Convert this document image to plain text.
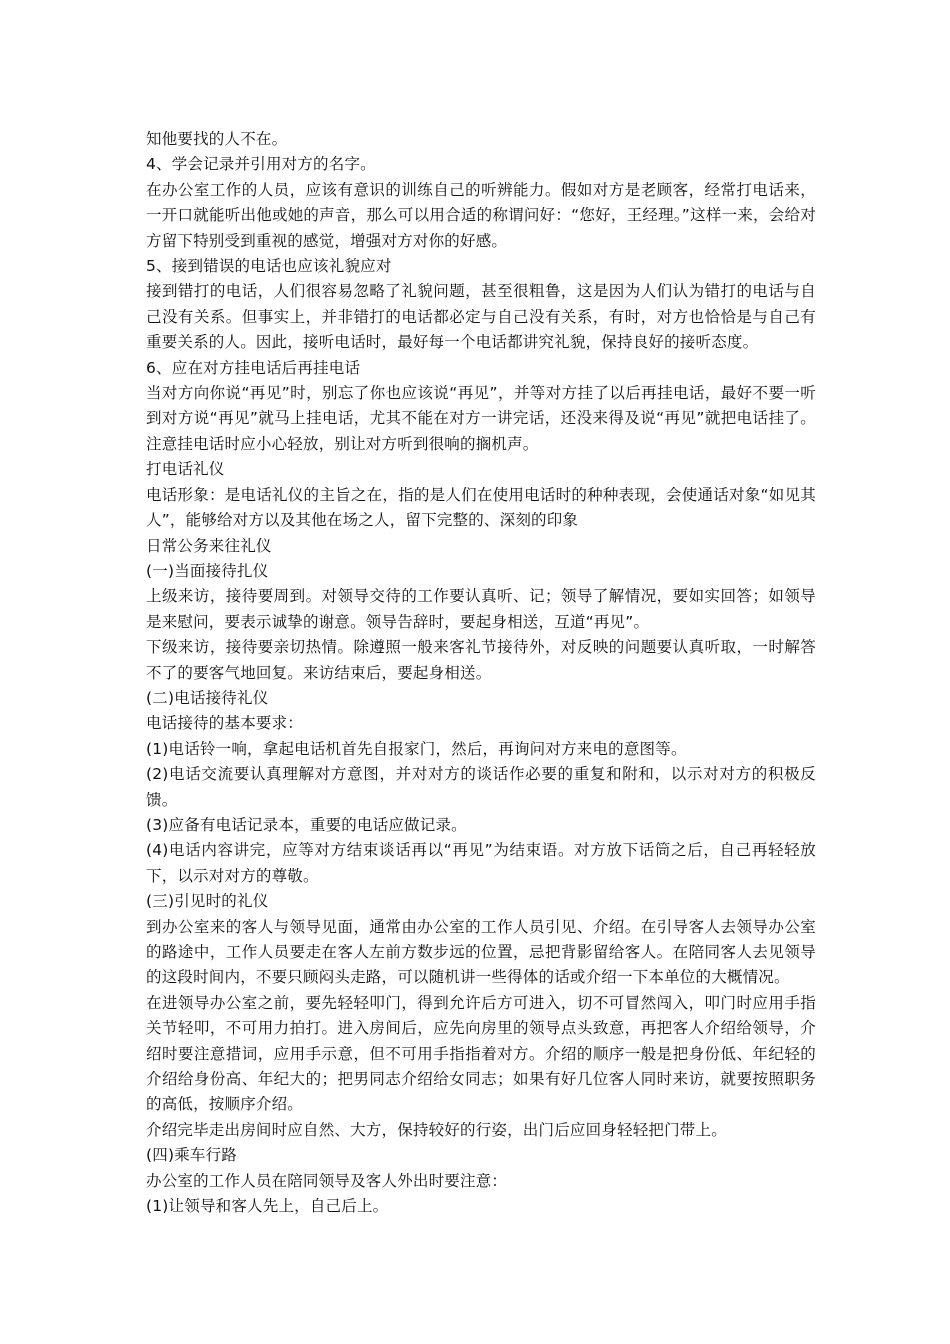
知他要找的人不在。

4、学会记录并引用对方的名字。

在办公室工作的人员，应该有意识的训练自己的听辨能力。假如对方是老顾客，经常打电话来，一开口就能听出他或她的声音，那么可以用合适的称谓问好：“您好，王经理。”这样一来，会给对方留下特别受到重视的感觉，增强对方对你的好感。

5、接到错误的电话也应该礼貌应对

接到错打的电话，人们很容易忽略了礼貌问题，甚至很粗鲁，这是因为人们认为错打的电话与自己没有关系。但事实上，并非错打的电话都必定与自己没有关系，有时，对方也恰恰是与自己有重要关系的人。因此，接听电话时，最好每一个电话都讲究礼貌，保持良好的接听态度。

6、应在对方挂电话后再挂电话

当对方向你说“再见”时，别忘了你也应该说“再见”，并等对方挂了以后再挂电话，最好不要一听到对方说“再见”就马上挂电话，尤其不能在对方一讲完话，还没来得及说“再见”就把电话挂了。注意挂电话时应小心轻放，别让对方听到很响的搁机声。

打电话礼仪

电话形象：是电话礼仪的主旨之在，指的是人们在使用电话时的种种表现，会使通话对象“如见其人”，能够给对方以及其他在场之人，留下完整的、深刻的印象

日常公务来往礼仪

(一)当面接待扎仪

上级来访，接待要周到。对领导交待的工作要认真听、记；领导了解情况，要如实回答；如领导是来慰问，要表示诚挚的谢意。领导告辞时，要起身相送，互道“再见”。

下级来访，接待要亲切热情。除遵照一般来客礼节接待外，对反映的问题要认真听取，一时解答不了的要客气地回复。来访结束后，要起身相送。

(二)电话接待礼仪

电话接待的基本要求：

(1)电话铃一响，拿起电话机首先自报家门，然后，再询问对方来电的意图等。

(2)电话交流要认真理解对方意图，并对对方的谈话作必要的重复和附和，以示对对方的积极反馈。

(3)应备有电话记录本，重要的电话应做记录。

(4)电话内容讲完，应等对方结束谈话再以“再见”为结束语。对方放下话筒之后，自己再轻轻放下，以示对对方的尊敬。

(三)引见时的礼仪

到办公室来的客人与领导见面，通常由办公室的工作人员引见、介绍。在引导客人去领导办公室的路途中，工作人员要走在客人左前方数步远的位置，忌把背影留给客人。在陪同客人去见领导的这段时间内，不要只顾闷头走路，可以随机讲一些得体的话或介绍一下本单位的大概情况。

在进领导办公室之前，要先轻轻叩门，得到允许后方可进入，切不可冒然闯入，叩门时应用手指关节轻叩，不可用力拍打。进入房间后，应先向房里的领导点头致意，再把客人介绍给领导，介绍时要注意措词，应用手示意，但不可用手指指着对方。介绍的顺序一般是把身份低、年纪轻的介绍给身份高、年纪大的；把男同志介绍给女同志；如果有好几位客人同时来访，就要按照职务的高低，按顺序介绍。

介绍完毕走出房间时应自然、大方，保持较好的行姿，出门后应回身轻轻把门带上。

(四)乘车行路

办公室的工作人员在陪同领导及客人外出时要注意：

(1)让领导和客人先上，自己后上。
